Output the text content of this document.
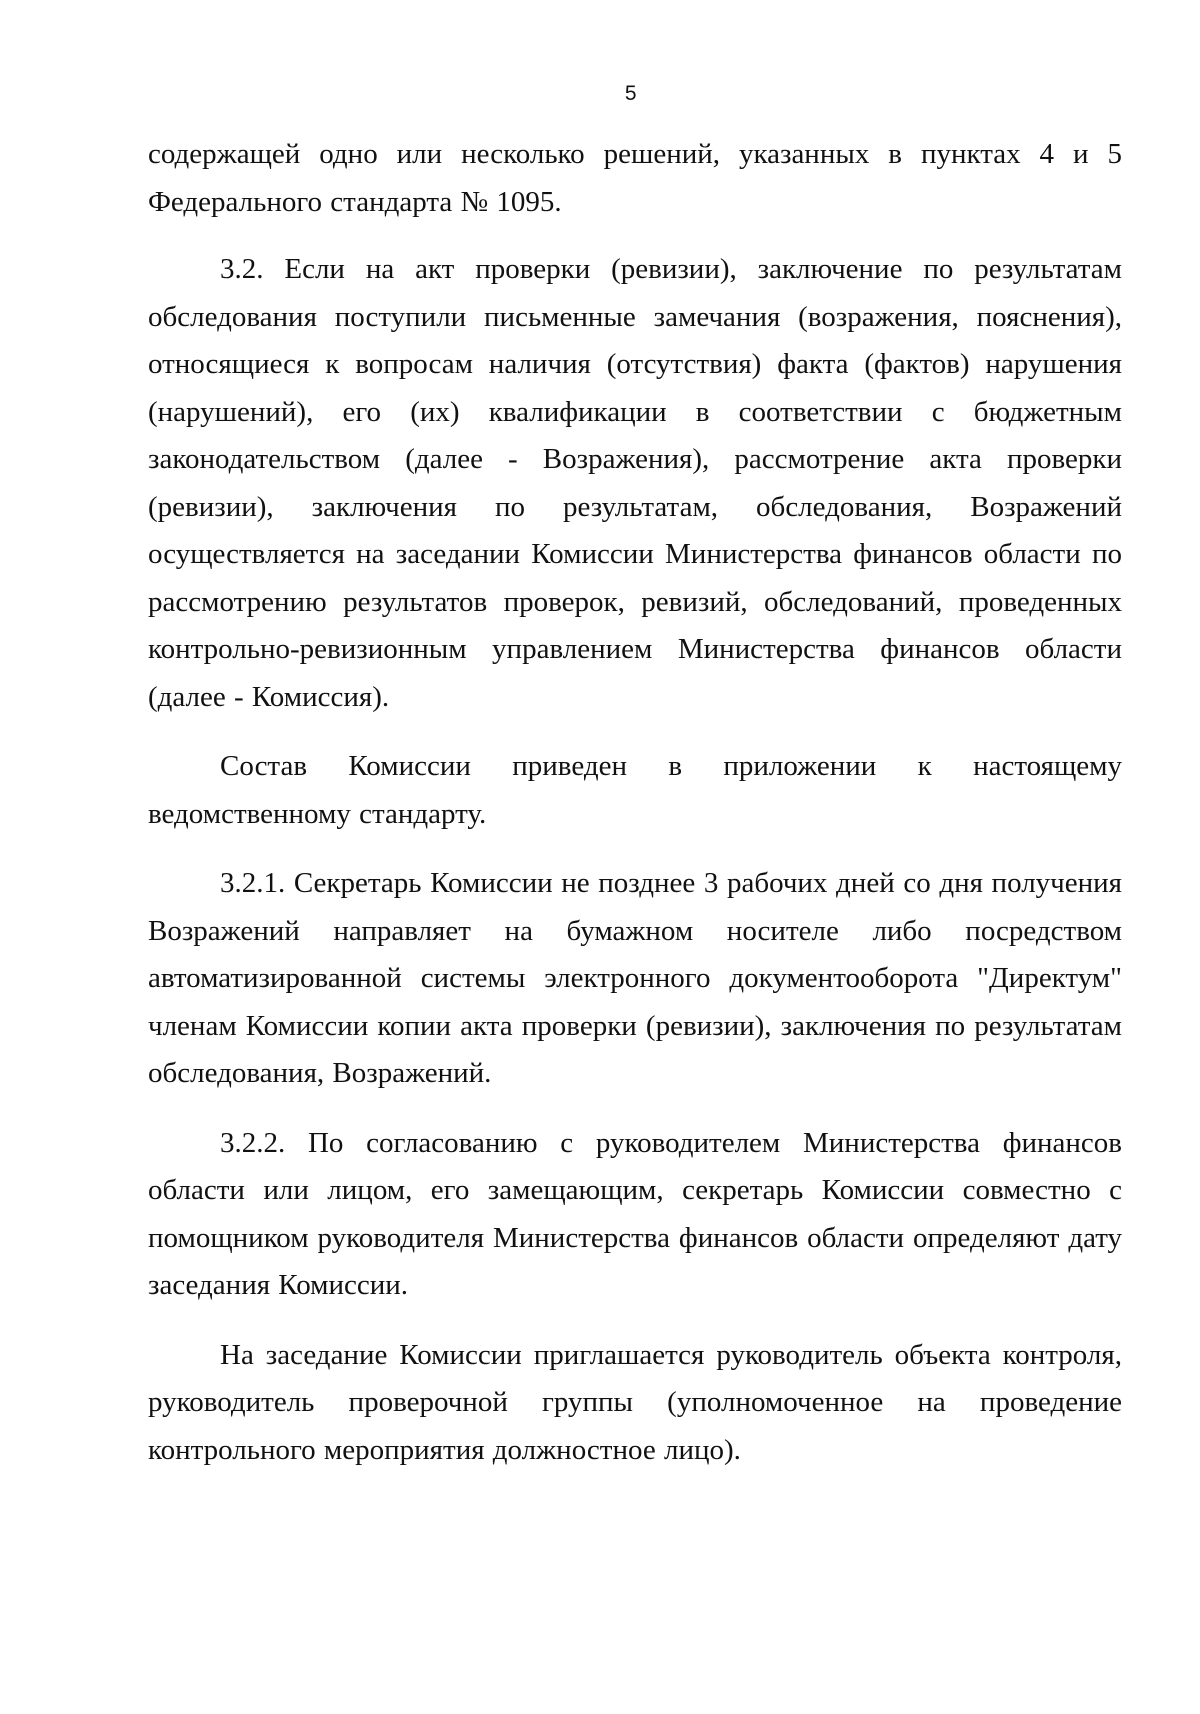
5

содержащей одно или несколько решений, указанных в пунктах 4 и 5 Федерального стандарта № 1095.

3.2. Если на акт проверки (ревизии), заключение по результатам обследования поступили письменные замечания (возражения, пояснения), относящиеся к вопросам наличия (отсутствия) факта (фактов) нарушения (нарушений), его (их) квалификации в соответствии с бюджетным законодательством (далее - Возражения), рассмотрение акта проверки (ревизии), заключения по результатам, обследования, Возражений осуществляется на заседании Комиссии Министерства финансов области по рассмотрению результатов проверок, ревизий, обследований, проведенных контрольно-ревизионным управлением Министерства финансов области (далее - Комиссия).

Состав Комиссии приведен в приложении к настоящему ведомственному стандарту.

3.2.1. Секретарь Комиссии не позднее 3 рабочих дней со дня получения Возражений направляет на бумажном носителе либо посредством автоматизированной системы электронного документооборота "Директум" членам Комиссии копии акта проверки (ревизии), заключения по результатам обследования, Возражений.

3.2.2. По согласованию с руководителем Министерства финансов области или лицом, его замещающим, секретарь Комиссии совместно с помощником руководителя Министерства финансов области определяют дату заседания Комиссии.

На заседание Комиссии приглашается руководитель объекта контроля, руководитель проверочной группы (уполномоченное на проведение контрольного мероприятия должностное лицо).
